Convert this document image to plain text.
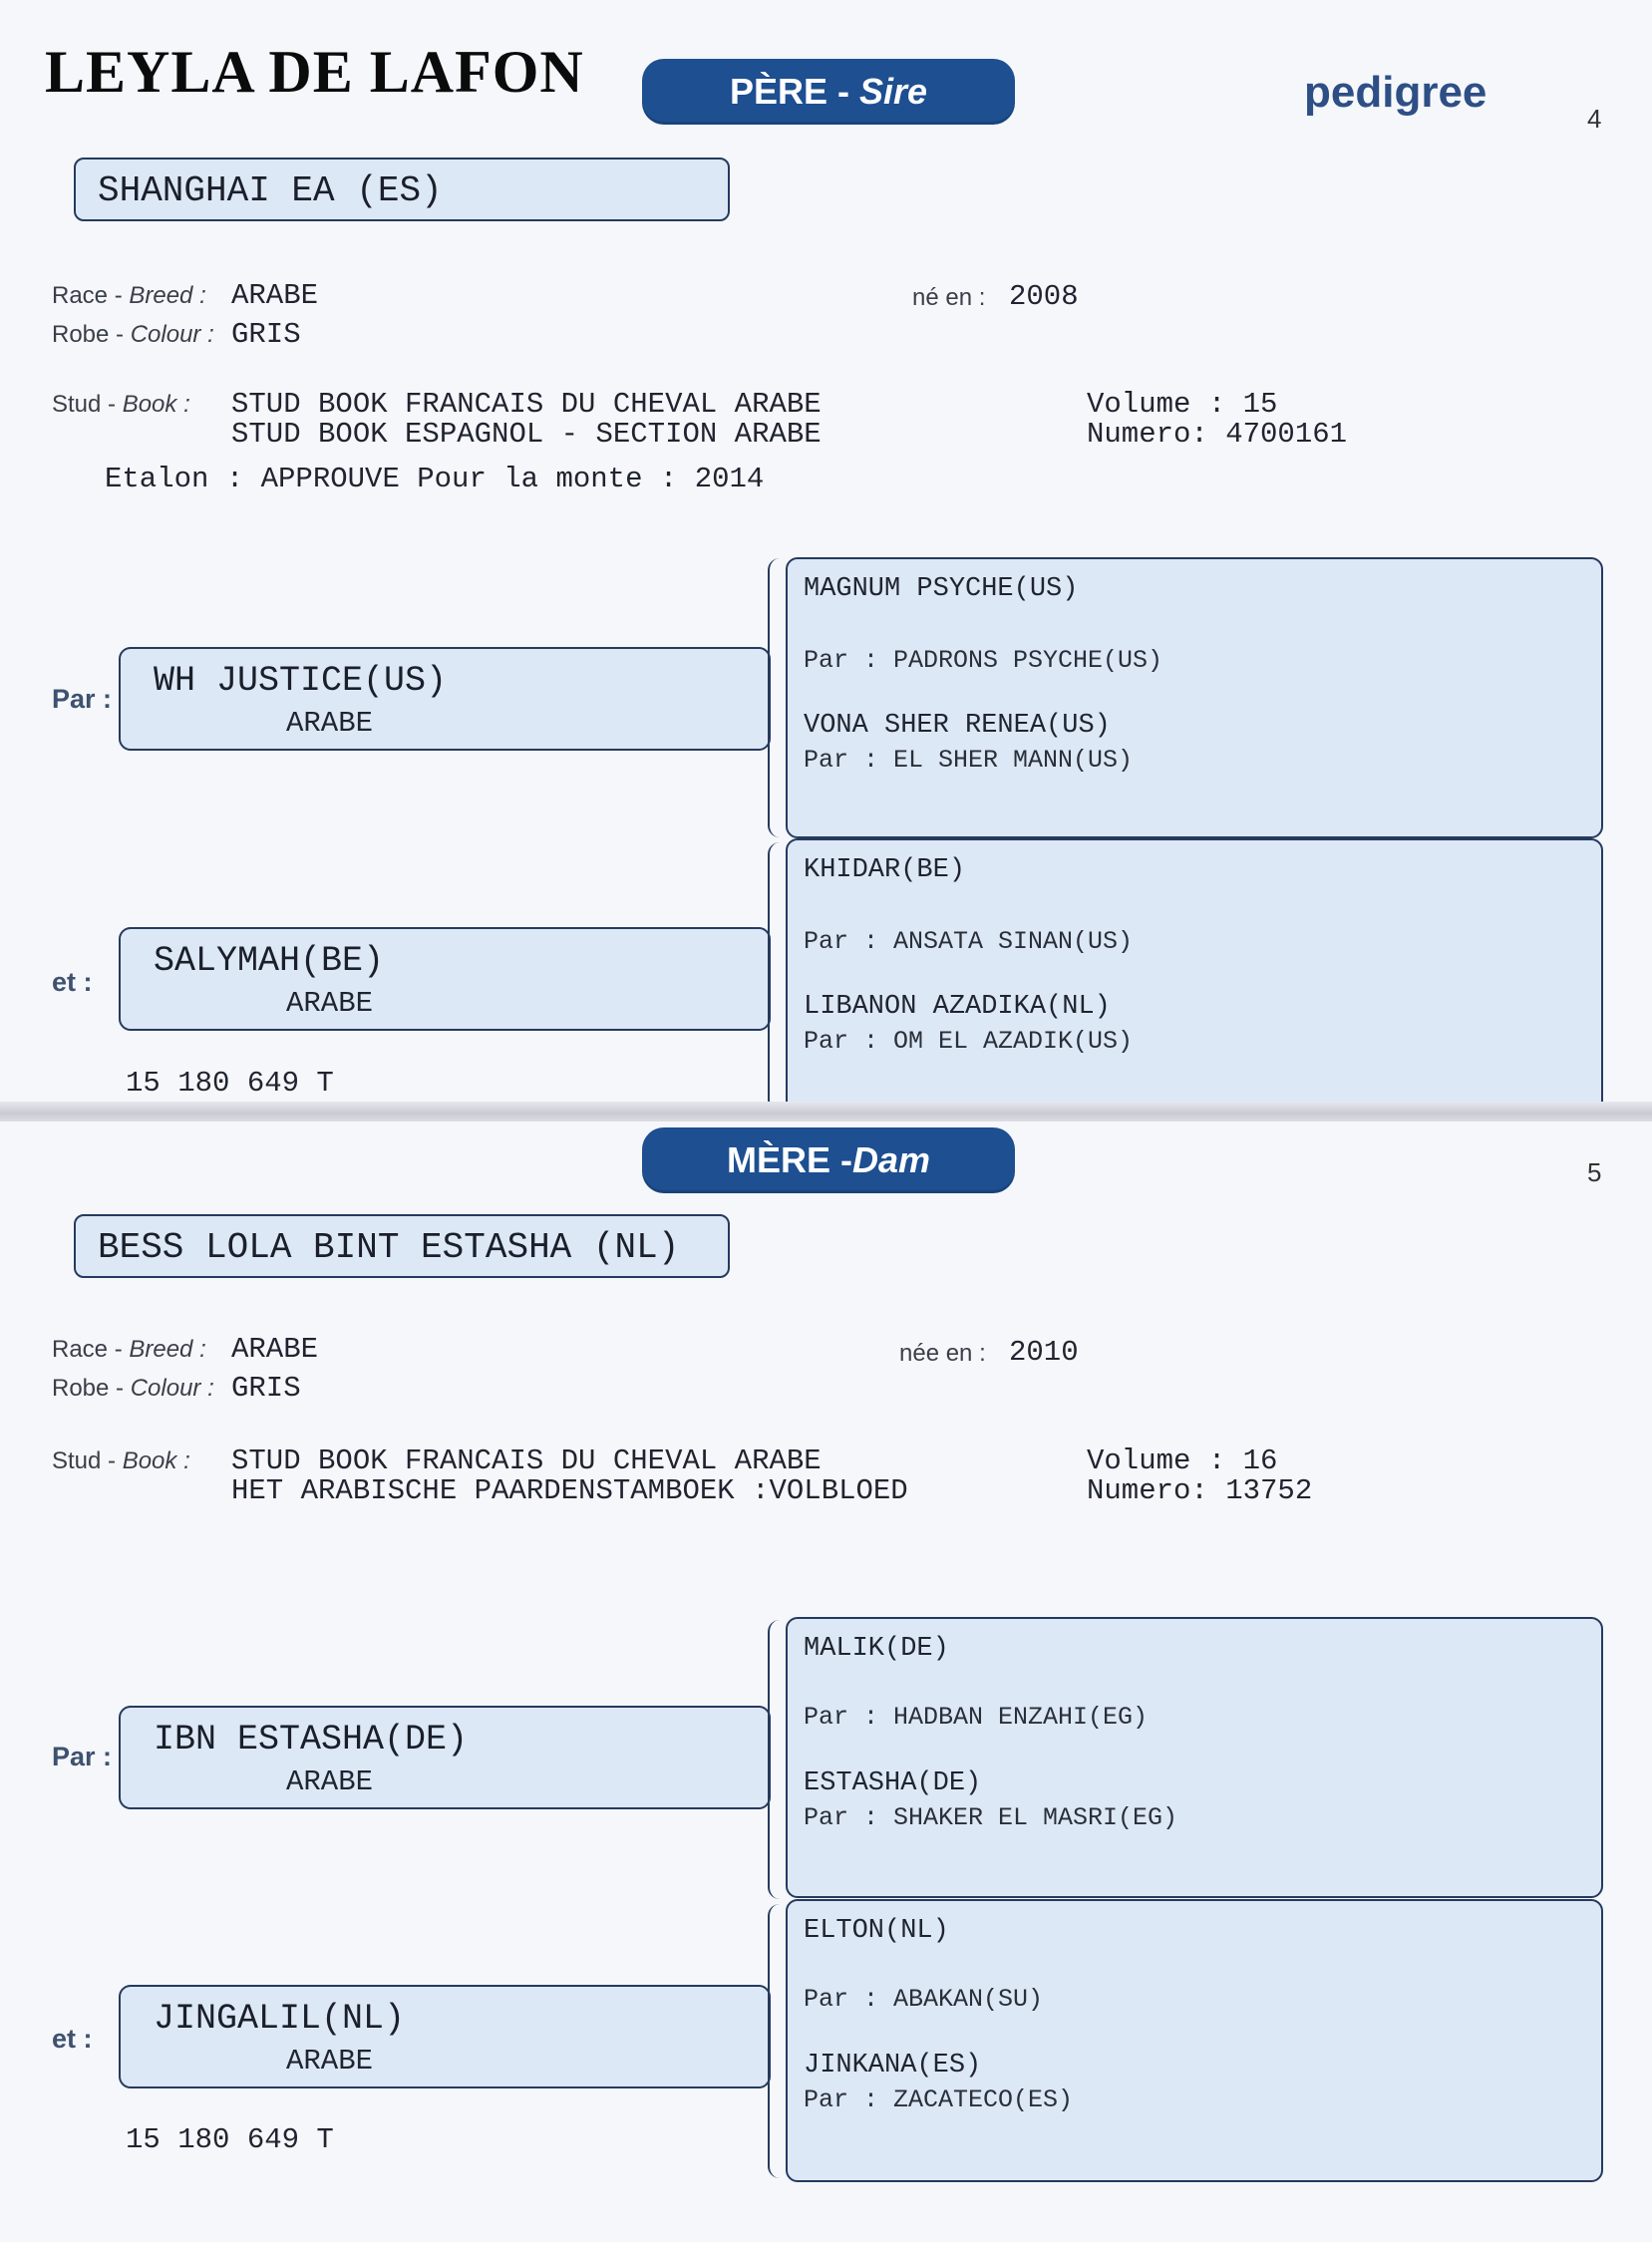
LEYLA DE LAFON	PÈRE - Sire	pedigree
4
SHANGHAI EA (ES)
Race - Breed : ARABE
Robe - Colour : GRIS
né en : 2008
Stud - Book : STUD BOOK FRANCAIS DU CHEVAL ARABE
STUD BOOK ESPAGNOL - SECTION ARABE
Volume : 15
Numero: 4700161
Etalon : APPROUVE Pour la monte : 2014
Par : WH JUSTICE(US)
ARABE
MAGNUM PSYCHE(US)
Par : PADRONS PSYCHE(US)
VONA SHER RENEA(US)
Par : EL SHER MANN(US)
et :
SALYMAH(BE)
ARABE
KHIDAR(BE)
Par : ANSATA SINAN(US)
LIBANON AZADIKA(NL)
Par : OM EL AZADIK(US)
15 180 649 T
MÈRE -Dam	5
BESS LOLA BINT ESTASHA (NL)
Race - Breed : ARABE
Robe - Colour : GRIS
née en : 2010
Stud - Book : STUD BOOK FRANCAIS DU CHEVAL ARABE
HET ARABISCHE PAARDENSTAMBOEK :VOLBLOED
Volume : 16
Numero: 13752
Par : IBN ESTASHA(DE)
ARABE
MALIK(DE)
Par : HADBAN ENZAHI(EG)
ESTASHA(DE)
Par : SHAKER EL MASRI(EG)
et : JINGALIL(NL)
ARABE
ELTON(NL)
Par : ABAKAN(SU)
JINKANA(ES)
Par : ZACATECO(ES)
15 180 649 T
